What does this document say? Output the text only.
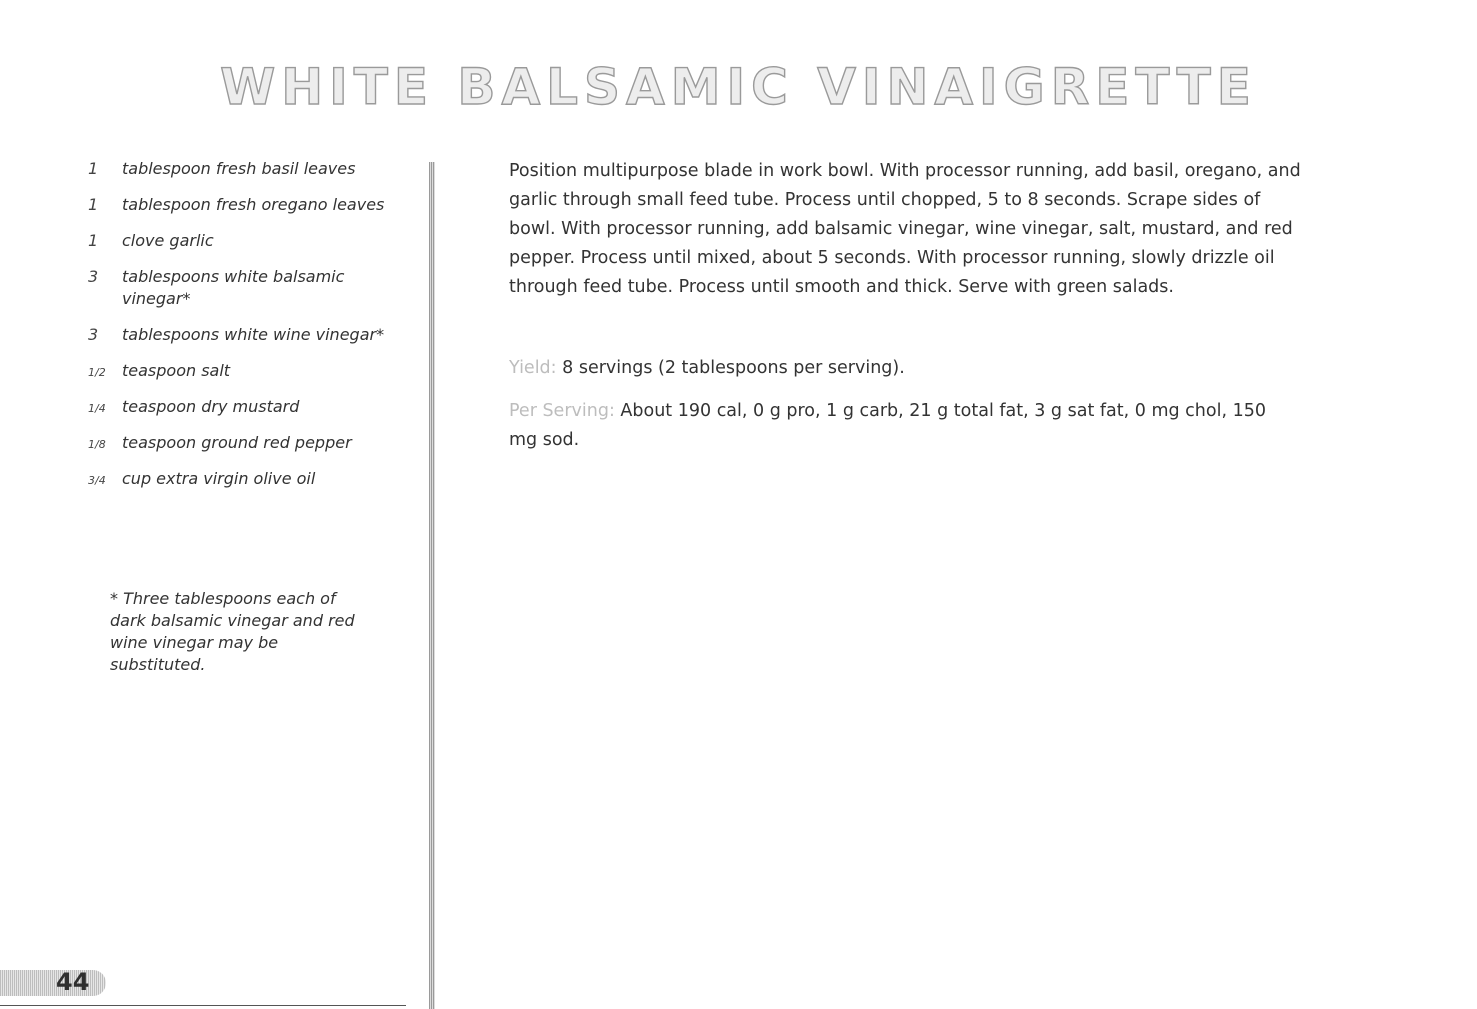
WHITE BALSAMIC VINAIGRETTE
1	tablespoon fresh basil leaves
1	tablespoon fresh oregano leaves
1	clove garlic
3	tablespoons white balsamic vinegar*
3	tablespoons white wine vinegar*
1/2	teaspoon salt
1/4	teaspoon dry mustard
1/8	teaspoon ground red pepper
3/4	cup extra virgin olive oil
* Three tablespoons each of dark balsamic vinegar and red wine vinegar may be substituted.

Position multipurpose blade in work bowl. With processor running, add basil, oregano, and garlic through small feed tube. Process until chopped, 5 to 8 seconds. Scrape sides of bowl. With processor running, add balsamic vinegar, wine vinegar, salt, mustard, and red pepper. Process until mixed, about 5 seconds. With processor running, slowly drizzle oil through feed tube. Process until smooth and thick. Serve with green salads.

Yield: 8 servings (2 tablespoons per serving).

Per Serving: About 190 cal, 0 g pro, 1 g carb, 21 g total fat, 3 g sat fat, 0 mg chol, 150 mg sod.

44
